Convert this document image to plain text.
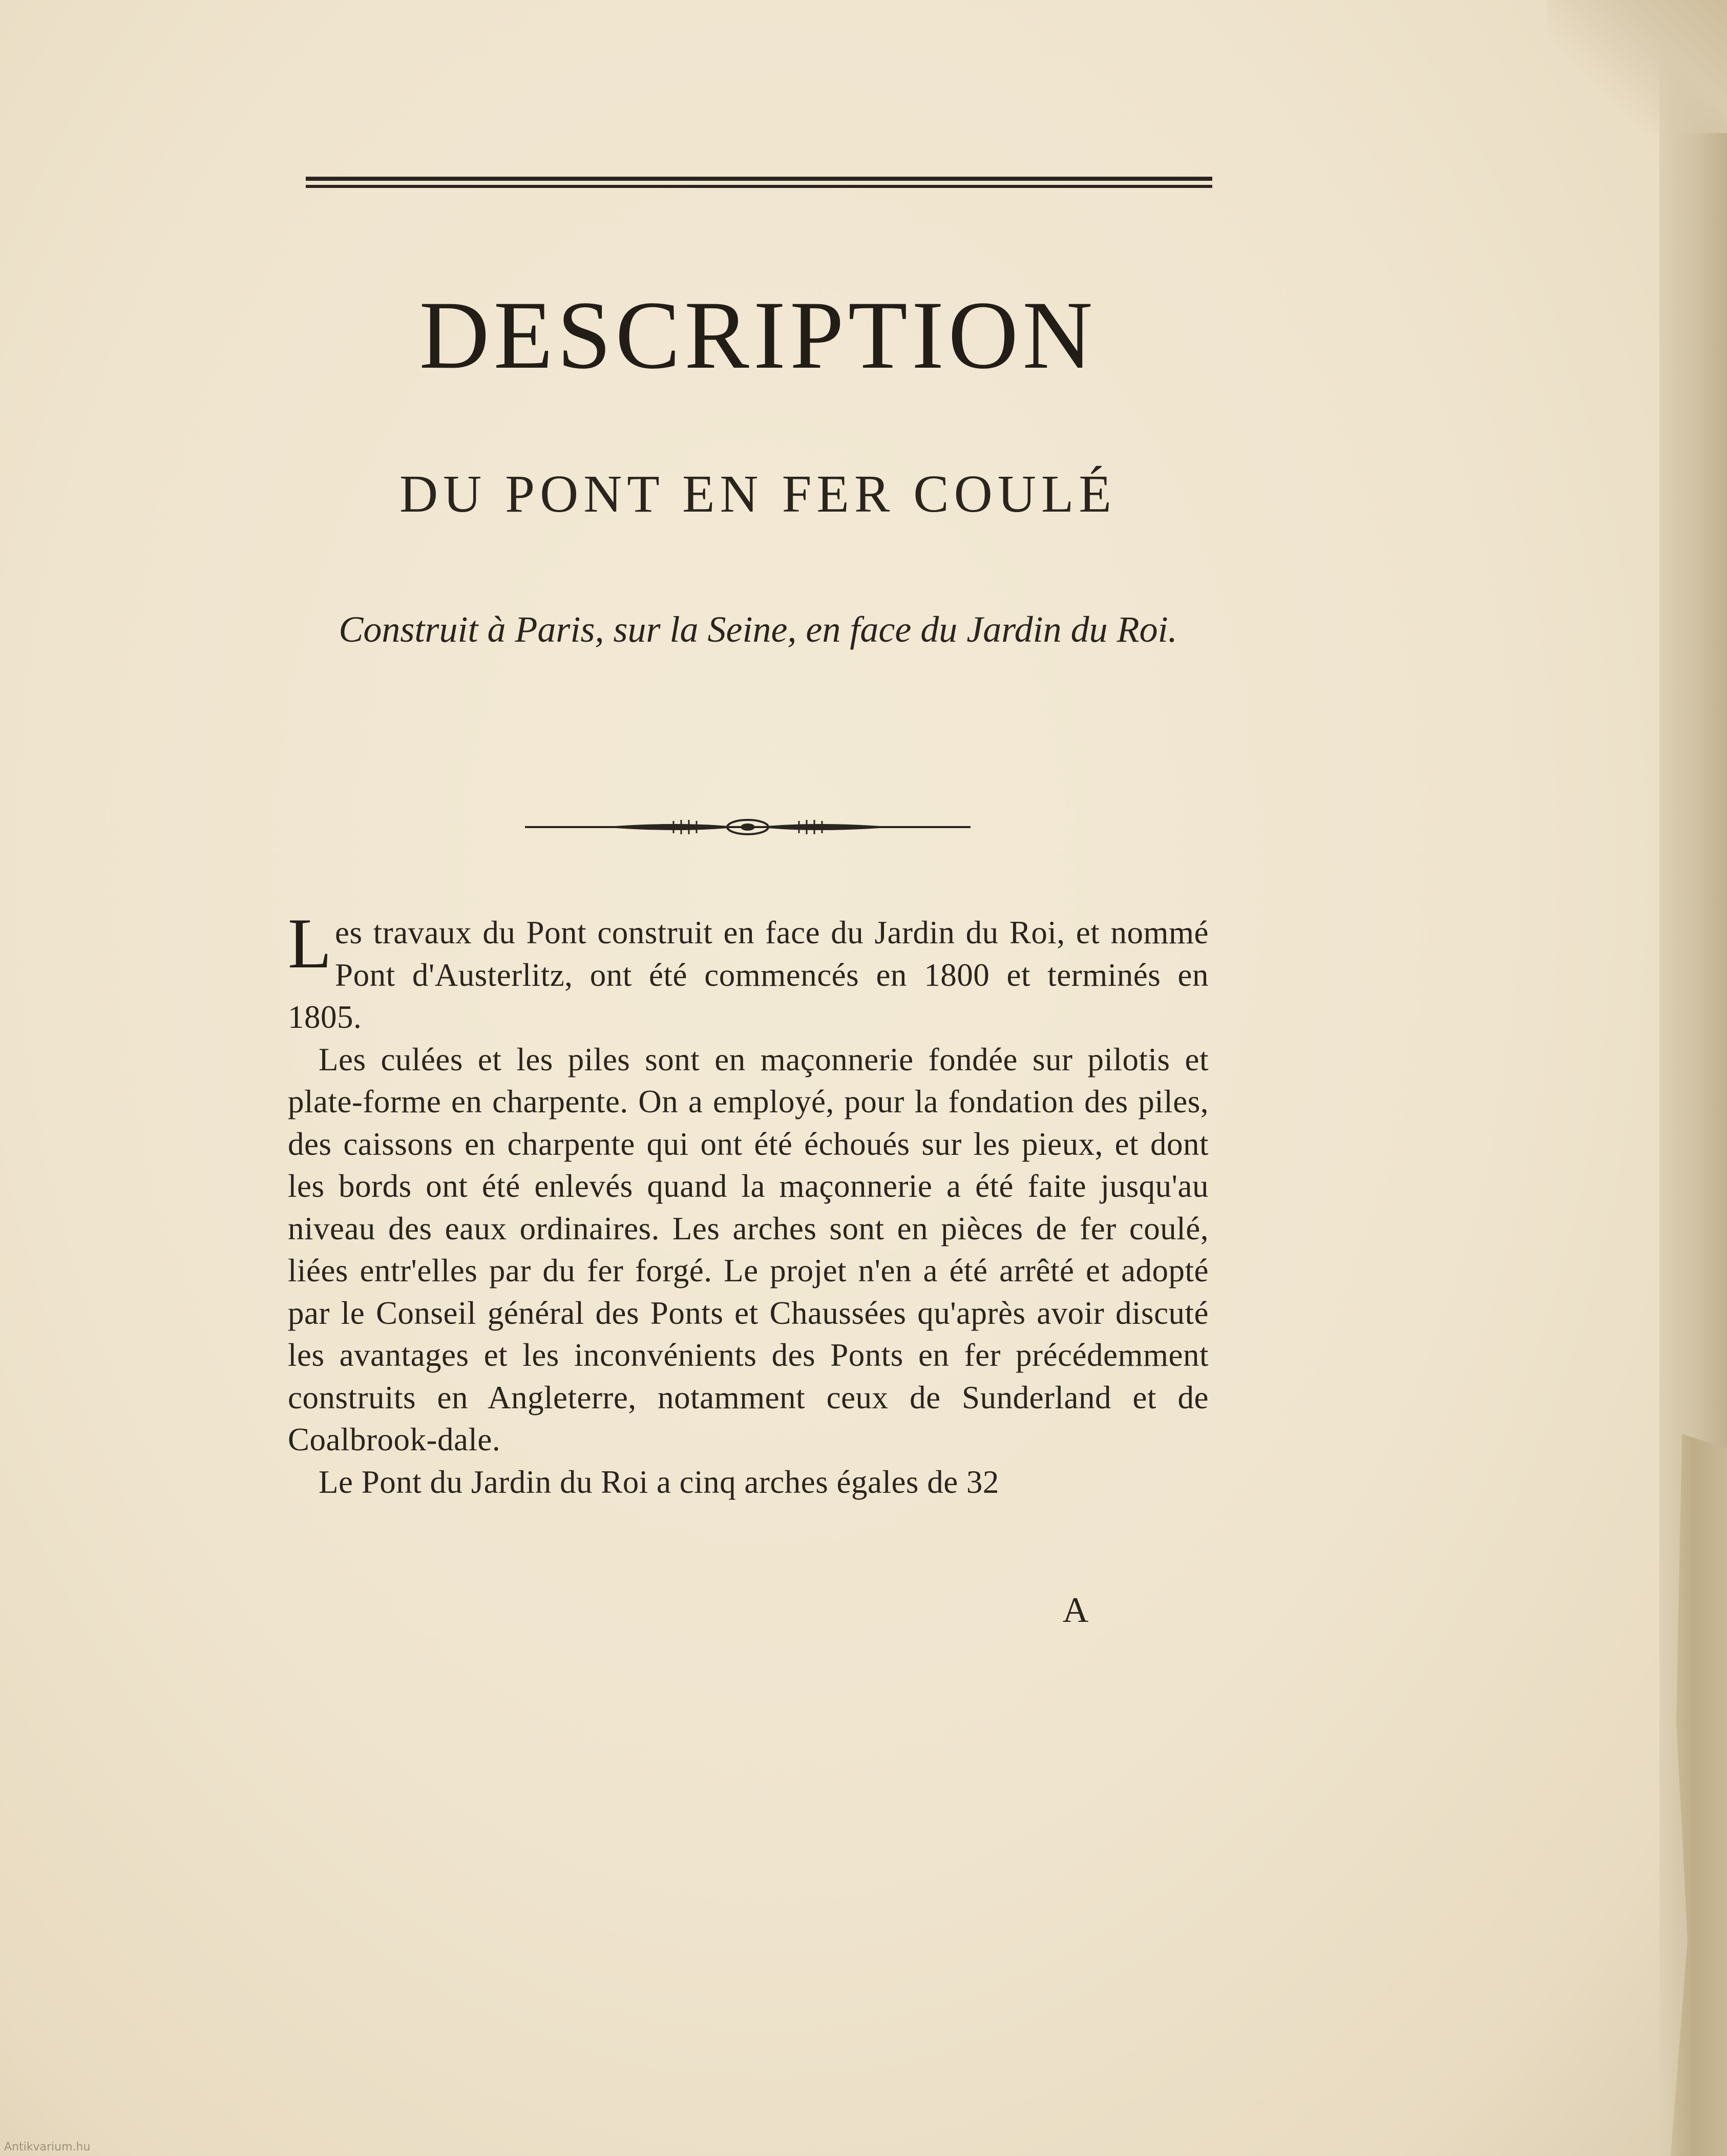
DESCRIPTION
DU PONT EN FER COULÉ

Construit à Paris, sur la Seine, en face du Jardin du Roi.

Les travaux du Pont construit en face du Jardin du Roi, et nommé Pont d'Austerlitz, ont été commencés en 1800 et terminés en 1805.

Les culées et les piles sont en maçonnerie fondée sur pilotis et plate-forme en charpente. On a employé, pour la fondation des piles, des caissons en charpente qui ont été échoués sur les pieux, et dont les bords ont été enlevés quand la maçonnerie a été faite jusqu'au niveau des eaux ordinaires. Les arches sont en pièces de fer coulé, liées entr'elles par du fer forgé. Le projet n'en a été arrêté et adopté par le Conseil général des Ponts et Chaussées qu'après avoir discuté les avantages et les inconvénients des Ponts en fer précédemment construits en Angleterre, notamment ceux de Sunderland et de Coalbrook-dale.

Le Pont du Jardin du Roi a cinq arches égales de 32

A
Antikvarium.hu
